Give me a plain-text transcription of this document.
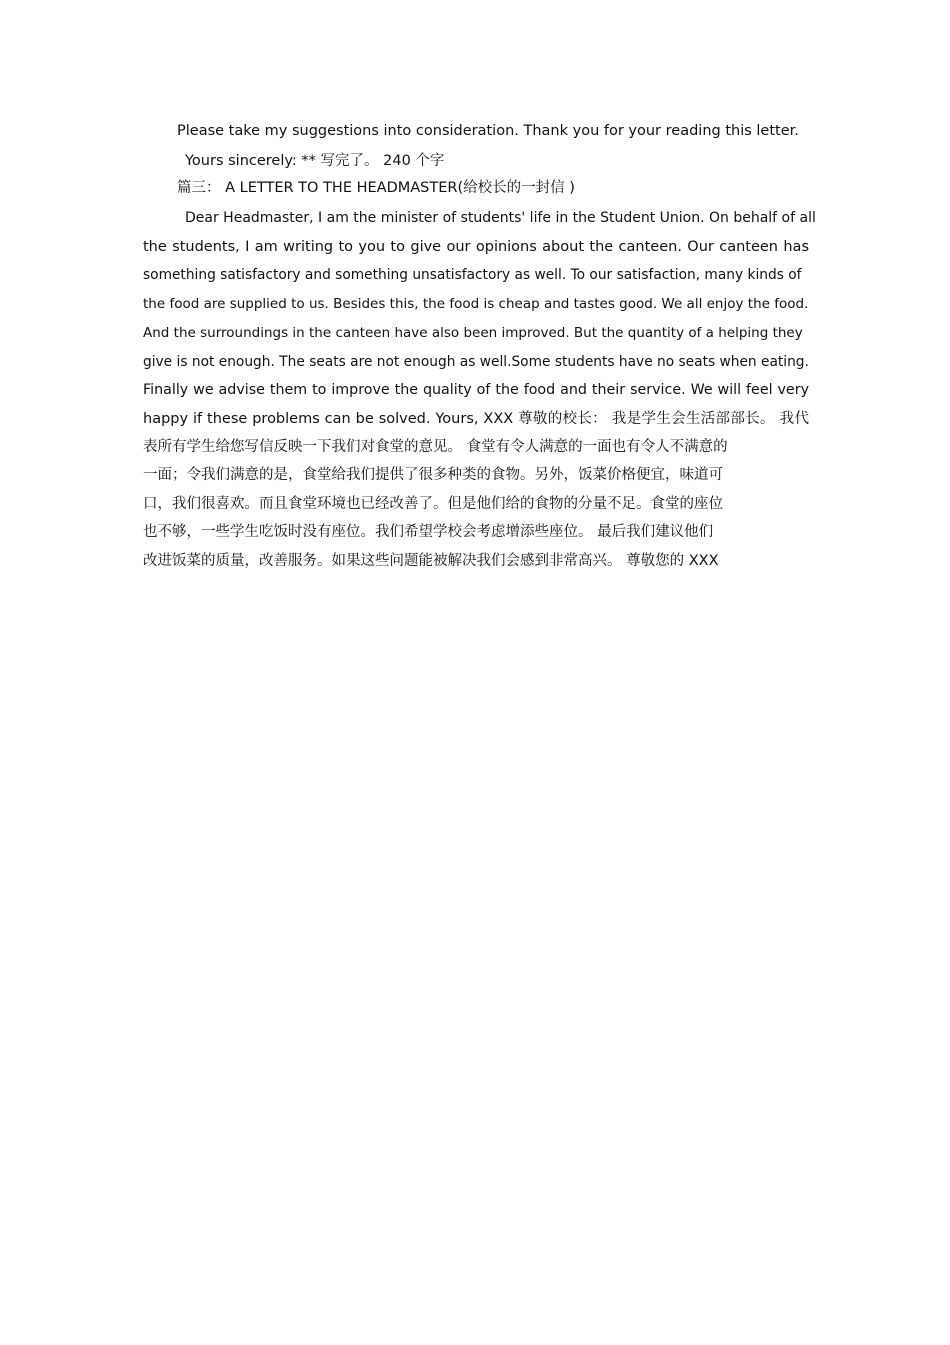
Please take my suggestions into consideration. Thank you for your reading this letter.
Yours sincerely: ** 写完了。 240 个字
篇三： A LETTER TO THE HEADMASTER(给校长的一封信 )
Dear Headmaster, I am the minister of students' life in the Student Union. On behalf of all
the students, I am writing to you to give our opinions about the canteen. Our canteen has
something satisfactory and something unsatisfactory as well. To our satisfaction, many kinds of
the food are supplied to us. Besides this, the food is cheap and tastes good. We all enjoy the food.
And the surroundings in the canteen have also been improved. But the quantity of a helping they
give is not enough. The seats are not enough as well.Some students have no seats when eating.
Finally we advise them to improve the quality of the food and their service. We will feel very
happy if these problems can be solved. Yours, XXX 尊敬的校长： 我是学生会生活部部长。 我代
表所有学生给您写信反映一下我们对食堂的意见。 食堂有令人满意的一面也有令人不满意的
一面；令我们满意的是，食堂给我们提供了很多种类的食物。另外，饭菜价格便宜，味道可
口，我们很喜欢。而且食堂环境也已经改善了。但是他们给的食物的分量不足。食堂的座位
也不够，一些学生吃饭时没有座位。我们希望学校会考虑增添些座位。 最后我们建议他们
改进饭菜的质量，改善服务。如果这些问题能被解决我们会感到非常高兴。 尊敬您的 XXX
